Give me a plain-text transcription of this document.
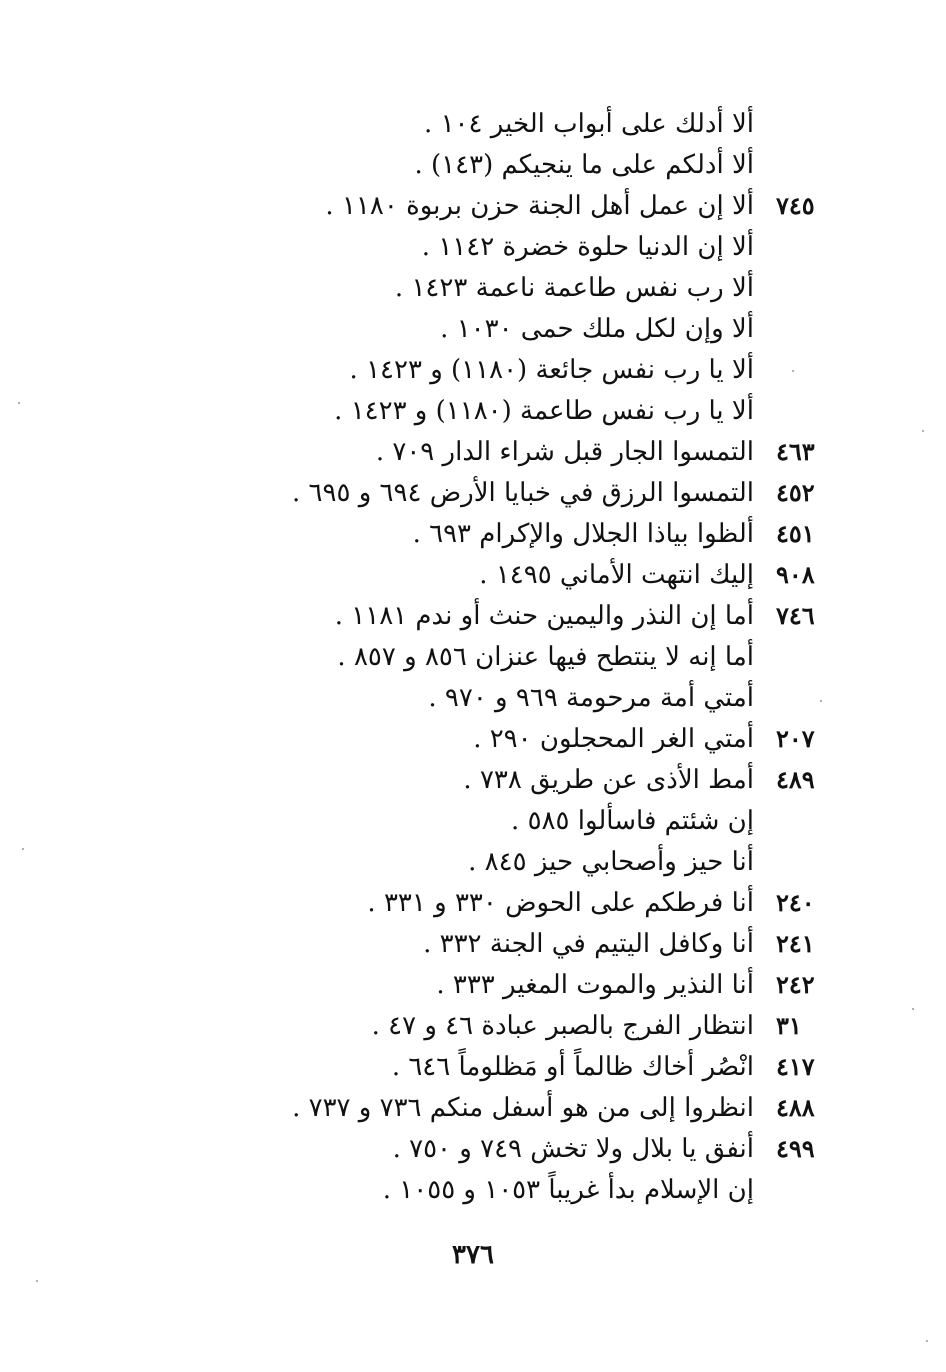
ألا أدلك على أبواب الخير ١٠٤ .
ألا أدلكم على ما ينجيكم (١٤٣) .
٧٤٥
ألا إن عمل أهل الجنة حزن بربوة ١١٨٠ .
ألا إن الدنيا حلوة خضرة ١١٤٢ .
ألا رب نفس طاعمة ناعمة ١٤٢٣ .
ألا وإن لكل ملك حمى ١٠٣٠ .
ألا يا رب نفس جائعة (١١٨٠) و ١٤٢٣ .
ألا يا رب نفس طاعمة (١١٨٠) و ١٤٢٣ .
٤٦٣
التمسوا الجار قبل شراء الدار ٧٠٩ .
٤٥٢
التمسوا الرزق في خبايا الأرض ٦٩٤ و ٦٩٥ .
٤٥١
ألظوا بياذا الجلال والإكرام ٦٩٣ .
٩٠٨
إليك انتهت الأماني ١٤٩٥ .
٧٤٦
أما إن النذر واليمين حنث أو ندم ١١٨١ .
أما إنه لا ينتطح فيها عنزان ٨٥٦ و ٨٥٧ .
أمتي أمة مرحومة ٩٦٩ و ٩٧٠ .
٢٠٧
أمتي الغر المحجلون ٢٩٠ .
٤٨٩
أمط الأذى عن طريق ٧٣٨ .
إن شئتم فاسألوا ٥٨٥ .
أنا حيز وأصحابي حيز ٨٤٥ .
٢٤٠
أنا فرطكم على الحوض ٣٣٠ و ٣٣١ .
٢٤١
أنا وكافل اليتيم في الجنة ٣٣٢ .
٢٤٢
أنا النذير والموت المغير ٣٣٣ .
٣١
انتظار الفرج بالصبر عبادة ٤٦ و ٤٧ .
٤١٧
انْصُر أخاك ظالماً أو مَظلوماً ٦٤٦ .
٤٨٨
انظروا إلى من هو أسفل منكم ٧٣٦ و ٧٣٧ .
٤٩٩
أنفق يا بلال ولا تخش ٧٤٩ و ٧٥٠ .
إن الإسلام بدأ غريباً ١٠٥٣ و ١٠٥٥ .
٣٧٦
